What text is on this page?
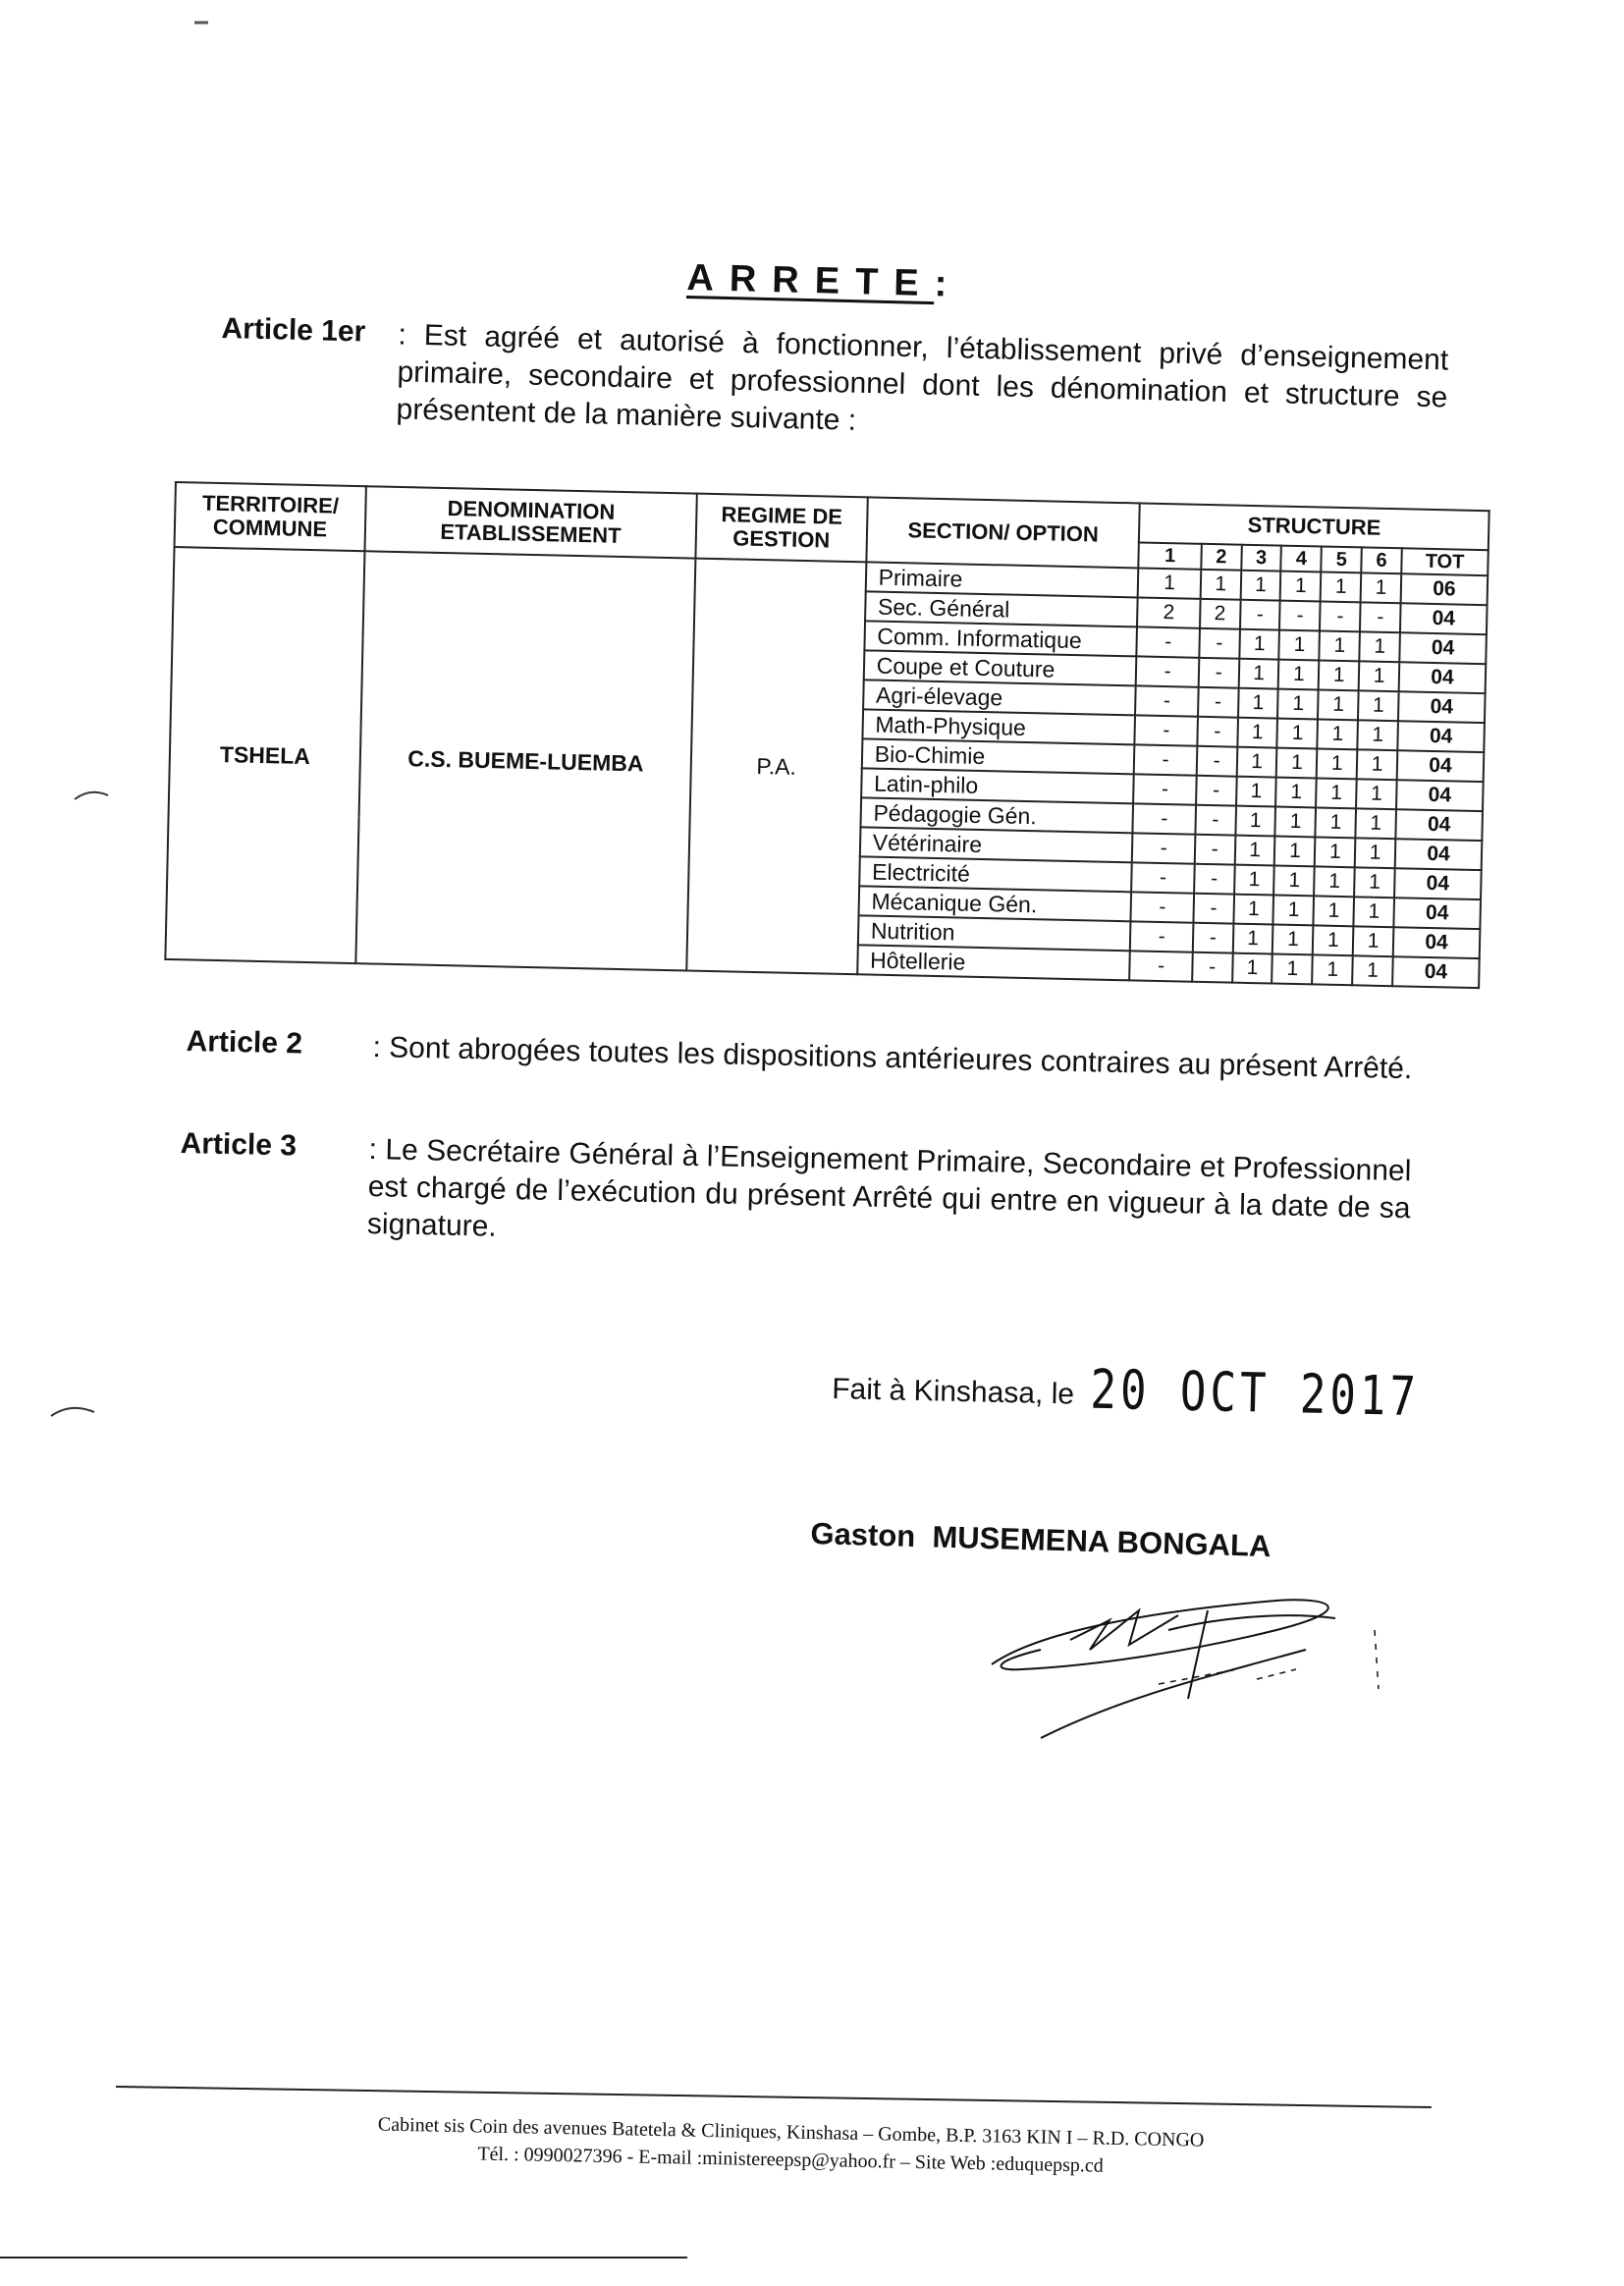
ARRETE:
Article 1er : Est agréé et autorisé à fonctionner, l’établissement privé d’enseignement primaire, secondaire et professionnel dont les dénomination et structure se présentent de la manière suivante :
TERRITOIRE/ COMMUNE	DENOMINATION ETABLISSEMENT	REGIME DE GESTION	SECTION/ OPTION	STRUCTURE						
				1	2	3	4	5	6	TOT
TSHELA	C.S. BUEME-LUEMBA	P.A.	Primaire	1	1	1	1	1	1	06
			Sec. Général	2	2	-	-	-	-	04
			Comm. Informatique	-	-	1	1	1	1	04
			Coupe et Couture	-	-	1	1	1	1	04
			Agri-élevage	-	-	1	1	1	1	04
			Math-Physique	-	-	1	1	1	1	04
			Bio-Chimie	-	-	1	1	1	1	04
			Latin-philo	-	-	1	1	1	1	04
			Pédagogie Gén.	-	-	1	1	1	1	04
			Vétérinaire	-	-	1	1	1	1	04
			Electricité	-	-	1	1	1	1	04
			Mécanique Gén.	-	-	1	1	1	1	04
			Nutrition	-	-	1	1	1	1	04
			Hôtellerie	-	-	1	1	1	1	04
Article 2 : Sont abrogées toutes les dispositions antérieures contraires au présent Arrêté.
Article 3 : Le Secrétaire Général à l’Enseignement Primaire, Secondaire et Professionnel est chargé de l’exécution du présent Arrêté qui entre en vigueur à la date de sa signature.
Fait à Kinshasa, le 20 OCT 2017
Gaston MUSEMENA BONGALA
Cabinet sis Coin des avenues Batetela & Cliniques, Kinshasa – Gombe, B.P. 3163 KIN I – R.D. CONGO
Tél. : 0990027396 - E-mail :ministereepsp@yahoo.fr – Site Web :eduquepsp.cd
